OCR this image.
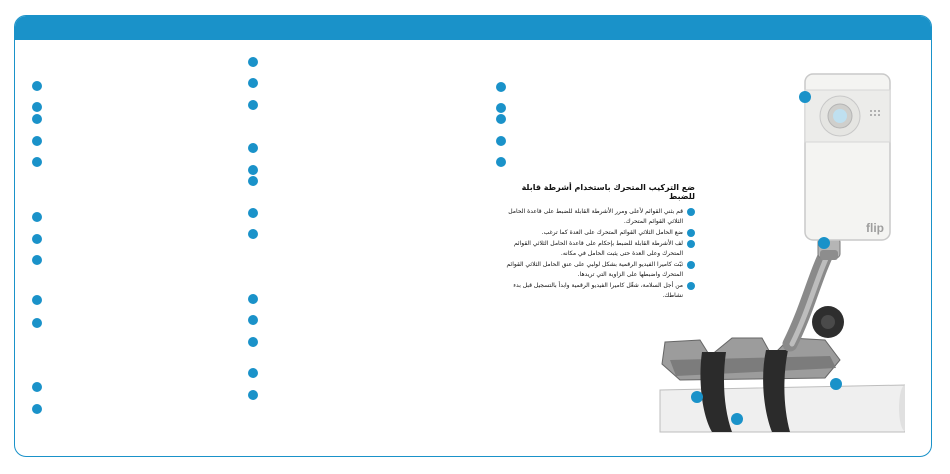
ضع التركيب المتحرك باستخدام أشرطة قابلة للضبط
قم بثني القوائم لأعلى ومرر الأشرطة القابلة للضبط على قاعدة الحامل الثلاثي القوائم المتحرك.
ضع الحامل الثلاثي القوائم المتحرك على العدة كما ترغب.
لف الأشرطة القابلة للضبط بإحكام على قاعدة الحامل الثلاثي القوائم المتحرك وعلى العدة حتى يثبت الحامل في مكانه.
ثبّت كاميرا الفيديو الرقمية بشكل لولبي على عنق الحامل الثلاثي القوائم المتحرك واضبطها على الزاوية التي تريدها.
من أجل السلامة، شغّل كاميرا الفيديو الرقمية وابدأ بالتسجيل قبل بدء نشاطك.
flip
